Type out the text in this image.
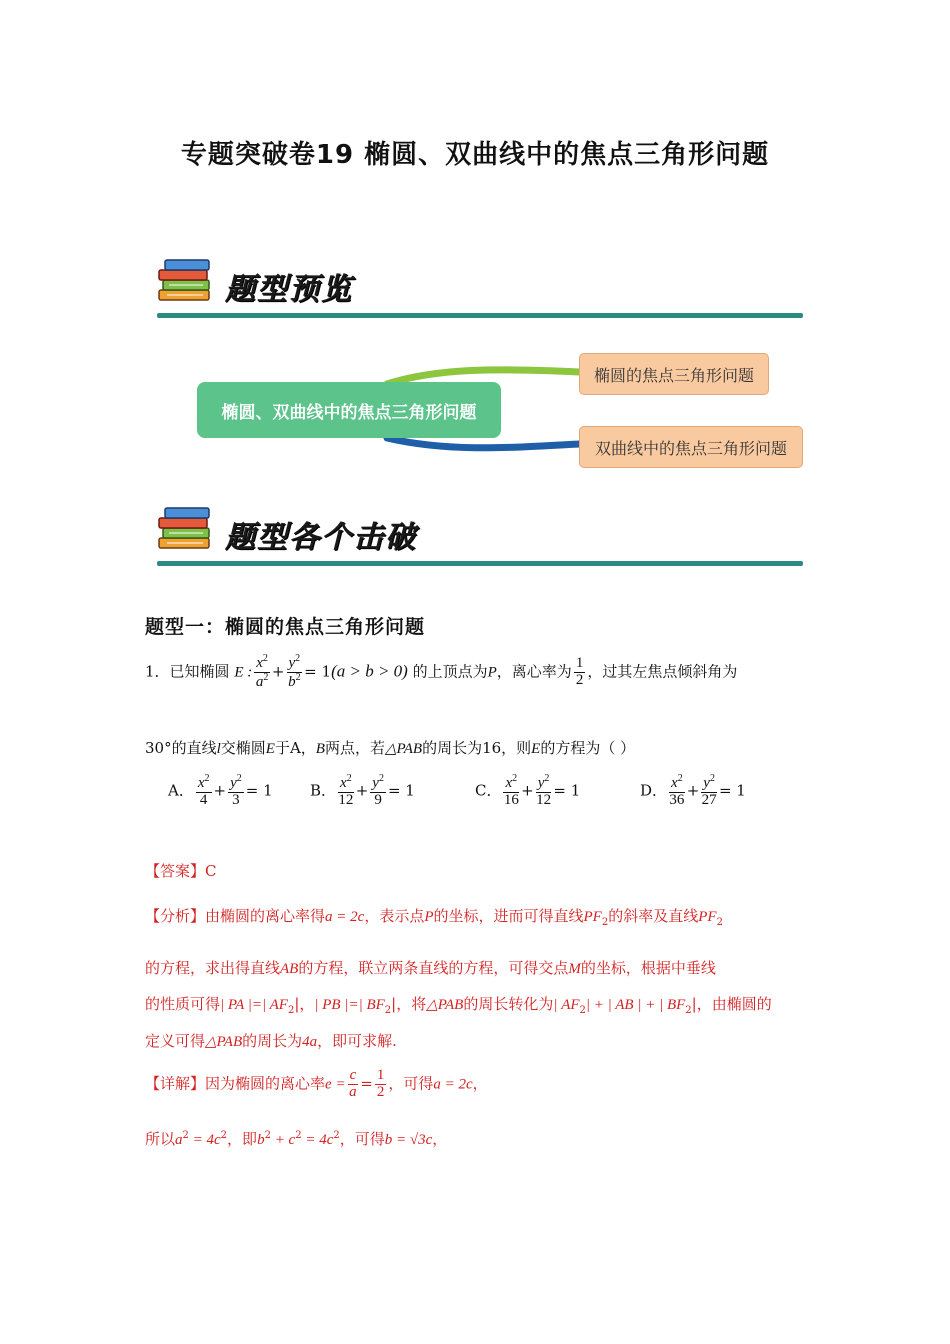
专题突破卷19 椭圆、双曲线中的焦点三角形问题
题型预览
椭圆、双曲线中的焦点三角形问题
椭圆的焦点三角形问题
双曲线中的焦点三角形问题
题型各个击破
题型一：椭圆的焦点三角形问题
1．已知椭圆 E : $\frac{x^2}{a^2} + \frac{y^2}{b^2} = 1(a > b > 0)$ 的上顶点为P，离心率为 $\frac{1}{2}$ ，过其左焦点倾斜角为
30°的直线l交椭圆E于A，B两点，若△PAB的周长为16，则E的方程为（ ）
A． $\frac{x^2}{4} + \frac{y^2}{3} = 1$ B． $\frac{x^2}{12} + \frac{y^2}{9} = 1$	C． $\frac{x^2}{16} + \frac{y^2}{12} = 1$	D． $\frac{x^2}{36} + \frac{y^2}{27} = 1$
【答案】C
【分析】由椭圆的离心率得a = 2c，表示点P的坐标，进而可得直线$PF_2$的斜率及直线$PF_2$
的方程，求出得直线AB的方程，联立两条直线的方程，可得交点M的坐标，根据中垂线
的性质可得| PA |=| $AF_2|$，| PB |=| $BF_2|$，将△PAB的周长转化为| $AF_2|$ + | AB | + | $BF_2|$，由椭圆的
定义可得△PAB的周长为4a，即可求解.
【详解】因为椭圆的离心率$e = \frac{c}{a} = \frac{1}{2}$ ，可得a = 2c，
所以$a^2 = 4c^2$，即$b^2 + c^2 = 4c^2$，可得b = √3c，
